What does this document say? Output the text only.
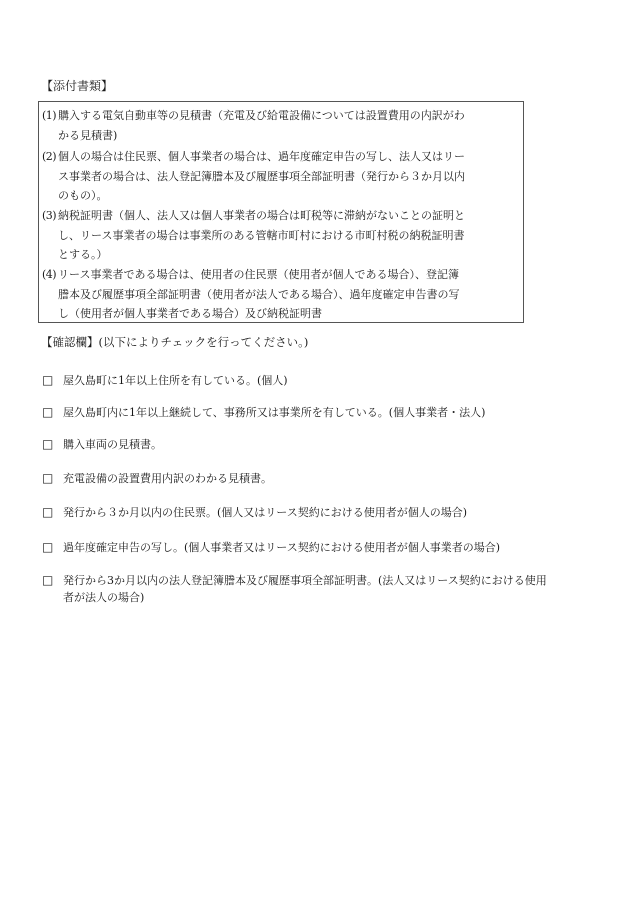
【添付書類】
(1) 購入する電気自動車等の見積書（充電及び給電設備については設置費用の内訳がわ
かる見積書)
(2) 個人の場合は住民票、個人事業者の場合は、過年度確定申告の写し、法人又はリー
ス事業者の場合は、法人登記簿謄本及び履歴事項全部証明書（発行から３か月以内
のもの）。
(3) 納税証明書（個人、法人又は個人事業者の場合は町税等に滞納がないことの証明と
し、リース事業者の場合は事業所のある管轄市町村における市町村税の納税証明書
とする。）
(4) リース事業者である場合は、使用者の住民票（使用者が個人である場合）、登記簿
謄本及び履歴事項全部証明書（使用者が法人である場合）、過年度確定申告書の写
し（使用者が個人事業者である場合）及び納税証明書
【確認欄】(以下によりチェックを行ってください。)
□ 屋久島町に1年以上住所を有している。(個人)
□ 屋久島町内に1年以上継続して、事務所又は事業所を有している。(個人事業者・法人)
□ 購入車両の見積書。
□ 充電設備の設置費用内訳のわかる見積書。
□ 発行から３か月以内の住民票。(個人又はリース契約における使用者が個人の場合)
□ 過年度確定申告の写し。(個人事業者又はリース契約における使用者が個人事業者の場合)
□ 発行から3か月以内の法人登記簿謄本及び履歴事項全部証明書。(法人又はリース契約における使用
者が法人の場合)
